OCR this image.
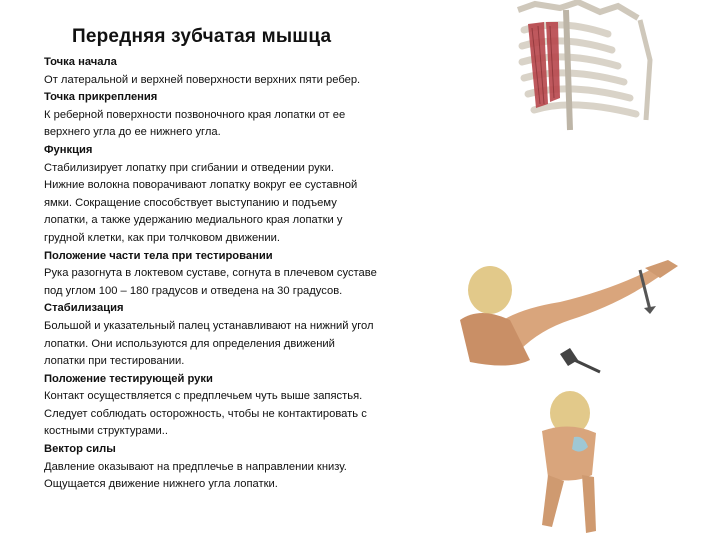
Передняя зубчатая мышца
Точка начала
От латеральной и верхней поверхности верхних пяти ребер.
Точка прикрепления
К реберной поверхности позвоночного края лопатки от ее
верхнего угла до ее нижнего угла.
Функция
Стабилизирует лопатку при сгибании и отведении руки.
Нижние волокна поворачивают лопатку вокруг ее суставной
ямки. Сокращение способствует выступанию и подъему
лопатки, а также удержанию медиального края лопатки у
грудной клетки, как при толчковом движении.
Положение части тела при тестировании
Рука разогнута в локтевом суставе, согнута в плечевом суставе
под углом 100 – 180 градусов и отведена на 30 градусов.
Стабилизация
Большой и указательный палец устанавливают на нижний угол
лопатки. Они используются для определения движений
лопатки при тестировании.
Положение тестирующей руки
Контакт осуществляется с предплечьем чуть выше запястья.
Следует соблюдать осторожность, чтобы не контактировать с
костными структурами..
Вектор силы
Давление оказывают на предплечье в направлении книзу.
Ощущается движение нижнего угла лопатки.
